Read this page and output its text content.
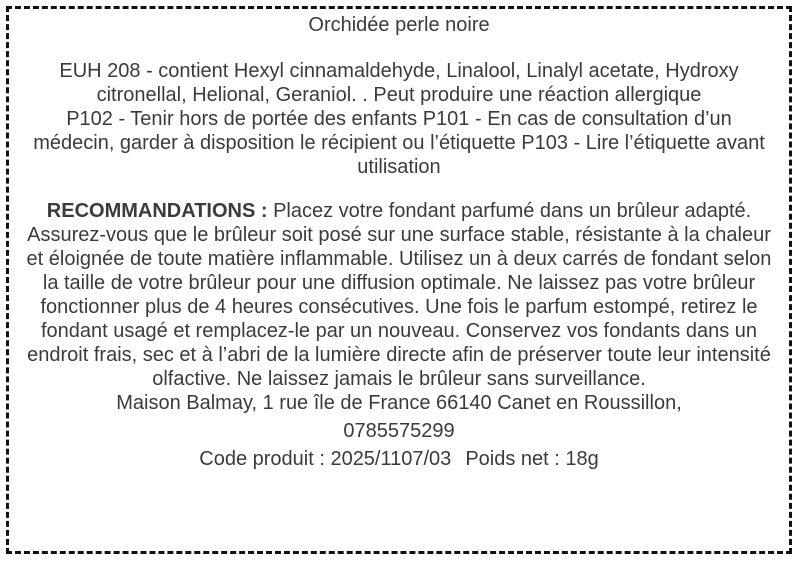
Orchidée perle noire

EUH 208 - contient Hexyl cinnamaldehyde, Linalool, Linalyl acetate, Hydroxy citronellal, Helional, Geraniol. . Peut produire une réaction allergique

P102 - Tenir hors de portée des enfants P101 - En cas de consultation d’un médecin, garder à disposition le récipient ou l’étiquette P103 - Lire l’étiquette avant utilisation

RECOMMANDATIONS : Placez votre fondant parfumé dans un brûleur adapté. Assurez-vous que le brûleur soit posé sur une surface stable, résistante à la chaleur et éloignée de toute matière inflammable. Utilisez un à deux carrés de fondant selon la taille de votre brûleur pour une diffusion optimale. Ne laissez pas votre brûleur fonctionner plus de 4 heures consécutives. Une fois le parfum estompé, retirez le fondant usagé et remplacez-le par un nouveau. Conservez vos fondants dans un endroit frais, sec et à l’abri de la lumière directe afin de préserver toute leur intensité olfactive. Ne laissez jamais le brûleur sans surveillance.

Maison Balmay, 1 rue île de France 66140 Canet en Roussillon,

0785575299

Code produit : 2025/1107/03 Poids net : 18g
